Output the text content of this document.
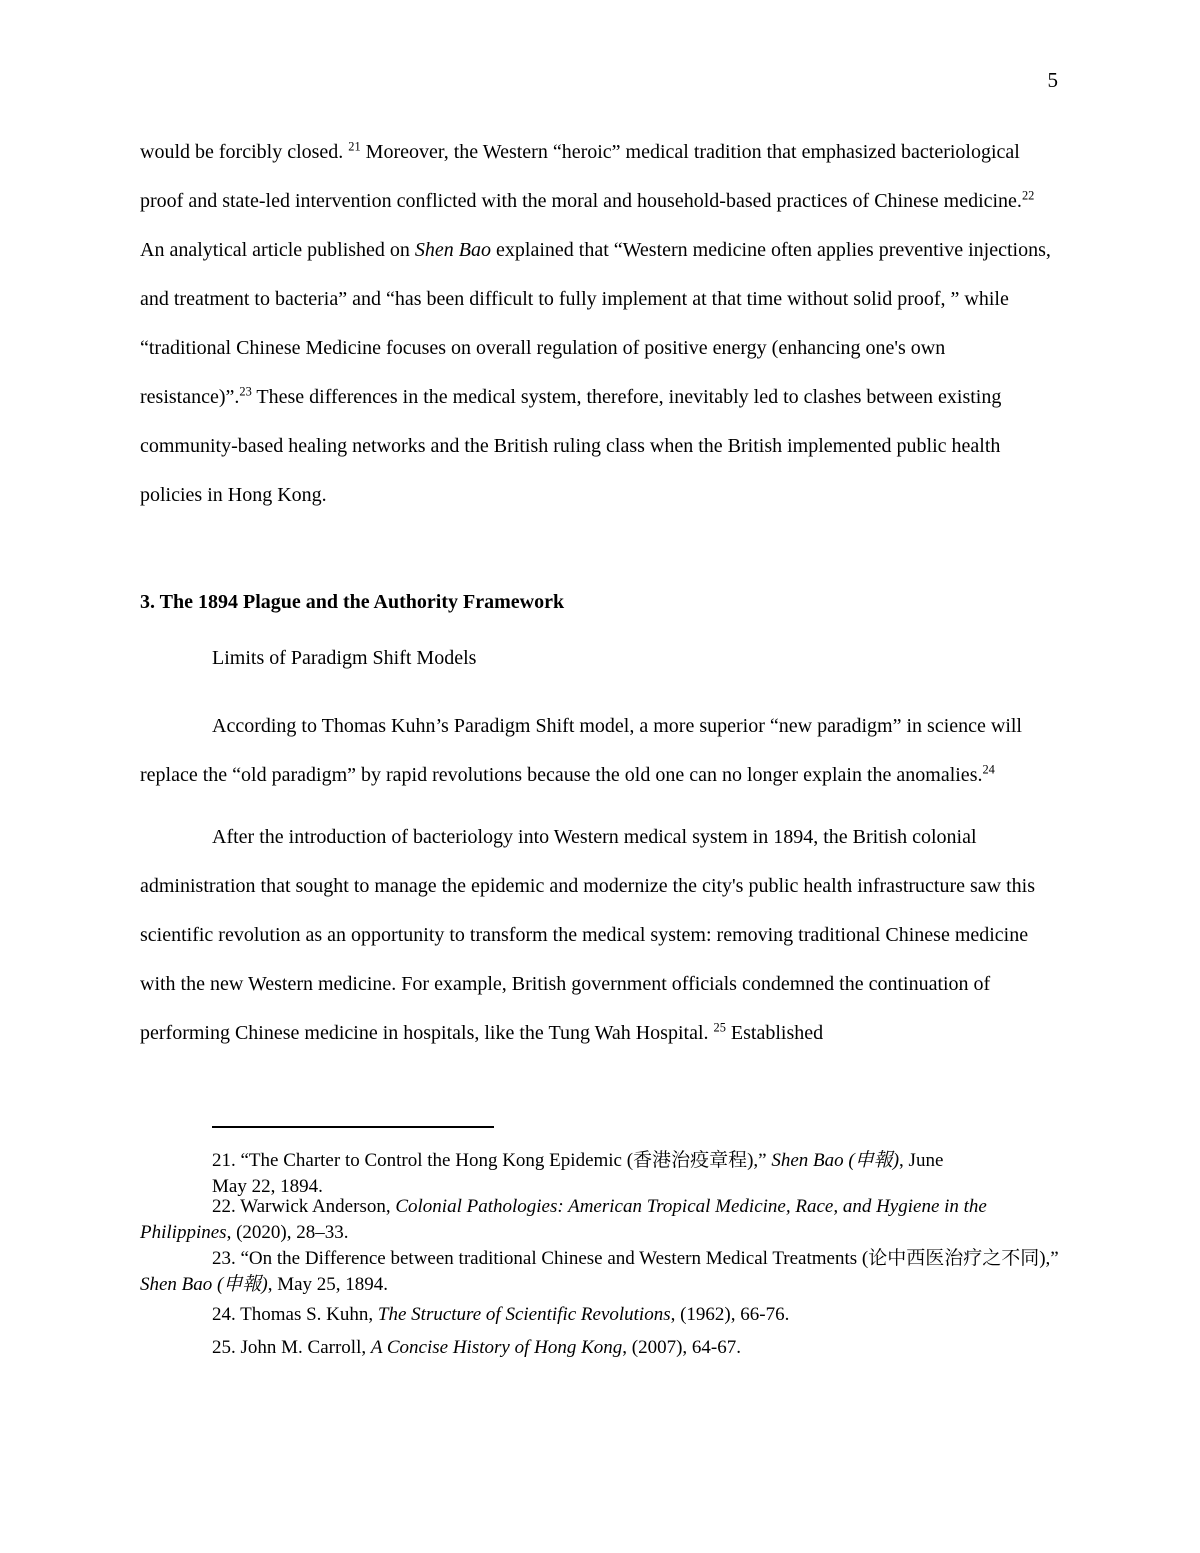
5

would be forcibly closed. $^{21}$ Moreover, the Western “heroic” medical tradition that emphasized bacteriological proof and state-led intervention conflicted with the moral and household-based practices of Chinese medicine.$^{22}$ An analytical article published on Shen Bao explained that “Western medicine often applies preventive injections, and treatment to bacteria” and “has been difficult to fully implement at that time without solid proof, ” while “traditional Chinese Medicine focuses on overall regulation of positive energy (enhancing one's own resistance)”.$^{23}$ These differences in the medical system, therefore, inevitably led to clashes between existing community-based healing networks and the British ruling class when the British implemented public health policies in Hong Kong.

3. The 1894 Plague and the Authority Framework

Limits of Paradigm Shift Models

According to Thomas Kuhn’s Paradigm Shift model, a more superior “new paradigm” in science will replace the “old paradigm” by rapid revolutions because the old one can no longer explain the anomalies.$^{24}$

After the introduction of bacteriology into Western medical system in 1894, the British colonial administration that sought to manage the epidemic and modernize the city's public health infrastructure saw this scientific revolution as an opportunity to transform the medical system: removing traditional Chinese medicine with the new Western medicine. For example, British government officials condemned the continuation of performing Chinese medicine in hospitals, like the Tung Wah Hospital. $^{25}$ Established

21. “The Charter to Control the Hong Kong Epidemic (香港治疫章程),” Shen Bao (申報), June

May 22, 1894.

22. Warwick Anderson, Colonial Pathologies: American Tropical Medicine, Race, and Hygiene in the Philippines, (2020), 28–33.

23. “On the Difference between traditional Chinese and Western Medical Treatments (论中西医治疗之不同),” Shen Bao (申報), May 25, 1894.

24. Thomas S. Kuhn, The Structure of Scientific Revolutions, (1962), 66-76.

25. John M. Carroll, A Concise History of Hong Kong, (2007), 64-67.
